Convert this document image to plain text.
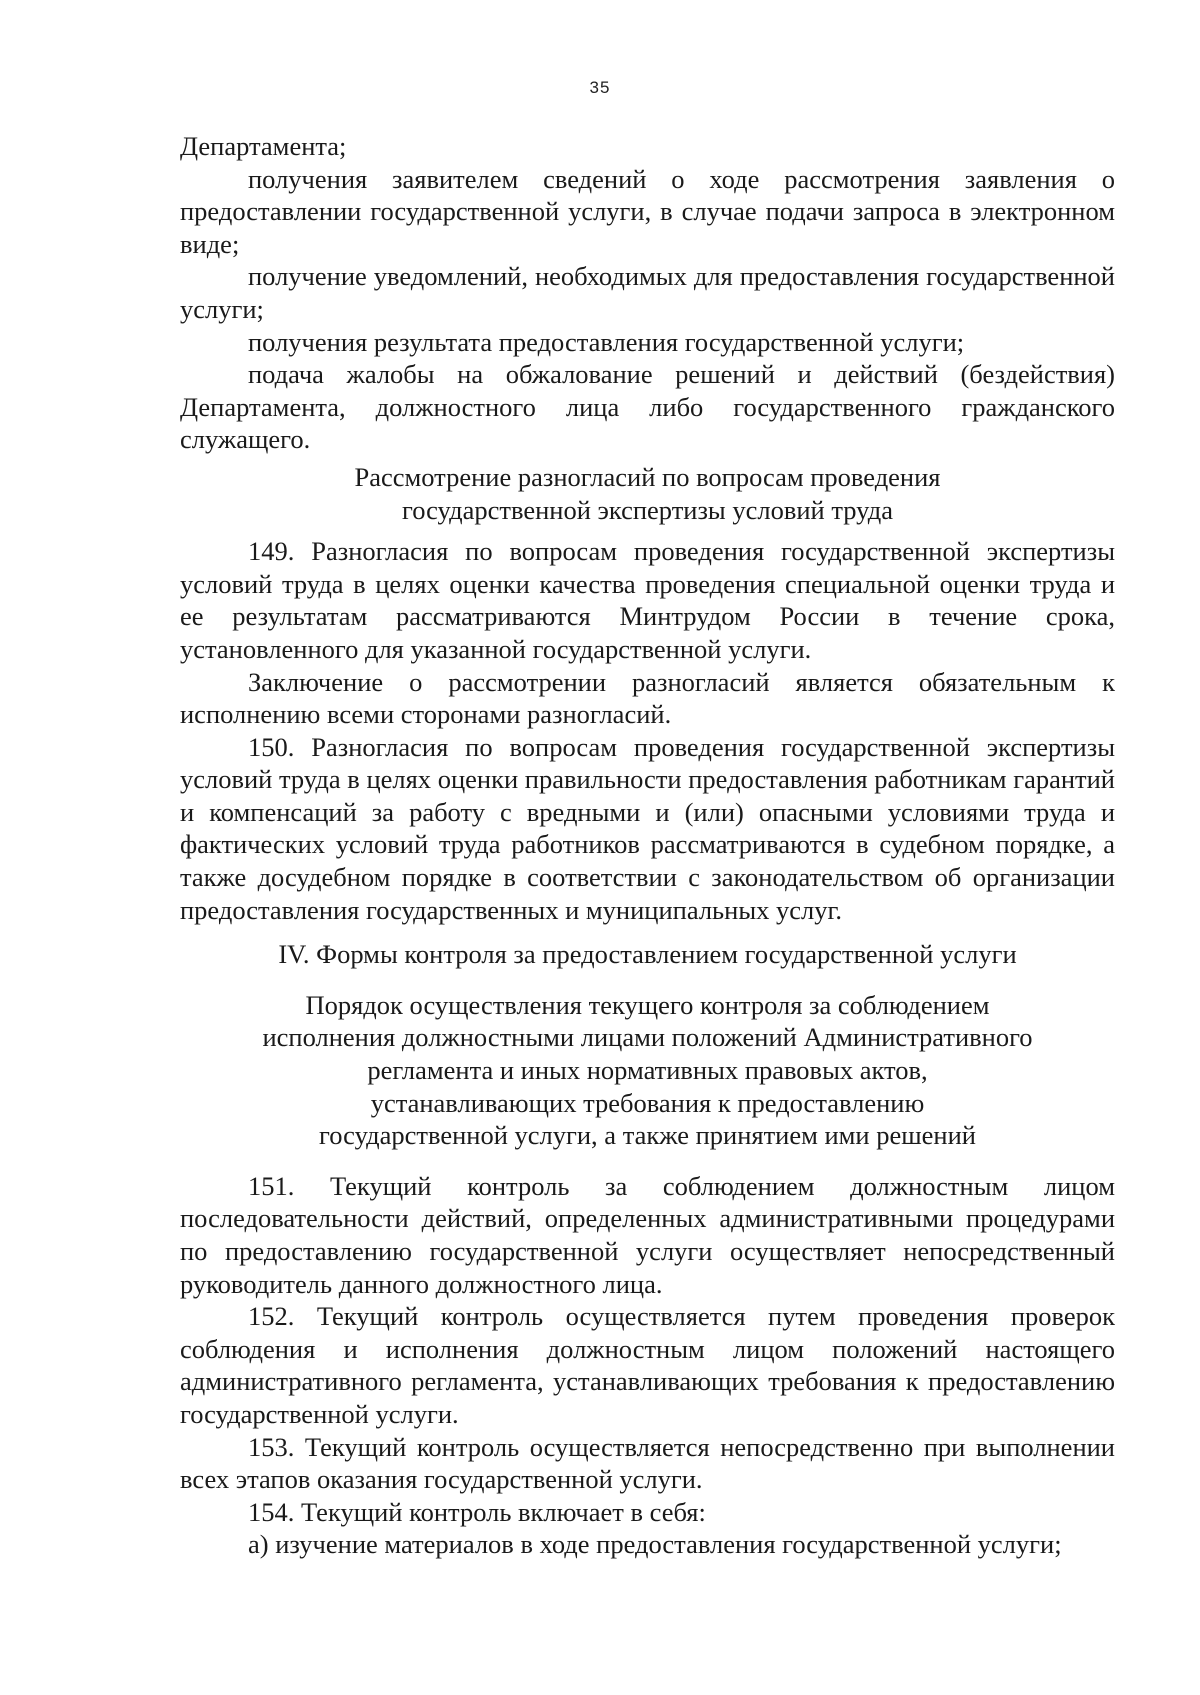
35

Департамента;

получения заявителем сведений о ходе рассмотрения заявления о предоставлении государственной услуги, в случае подачи запроса в электронном виде;

получение уведомлений, необходимых для предоставления государственной услуги;

получения результата предоставления государственной услуги;

подача жалобы на обжалование решений и действий (бездействия) Департамента, должностного лица либо государственного гражданского служащего.

Рассмотрение разногласий по вопросам проведения
государственной экспертизы условий труда

149. Разногласия по вопросам проведения государственной экспертизы условий труда в целях оценки качества проведения специальной оценки труда и ее результатам рассматриваются Минтрудом России в течение срока, установленного для указанной государственной услуги.

Заключение о рассмотрении разногласий является обязательным к исполнению всеми сторонами разногласий.

150. Разногласия по вопросам проведения государственной экспертизы условий труда в целях оценки правильности предоставления работникам гарантий и компенсаций за работу с вредными и (или) опасными условиями труда и фактических условий труда работников рассматриваются в судебном порядке, а также досудебном порядке в соответствии с законодательством об организации предоставления государственных и муниципальных услуг.

IV. Формы контроля за предоставлением государственной услуги
Порядок осуществления текущего контроля за соблюдением
исполнения должностными лицами положений Административного
регламента и иных нормативных правовых актов,
устанавливающих требования к предоставлению
государственной услуги, а также принятием ими решений

151. Текущий контроль за соблюдением должностным лицом последовательности действий, определенных административными процедурами по предоставлению государственной услуги осуществляет непосредственный руководитель данного должностного лица.

152. Текущий контроль осуществляется путем проведения проверок соблюдения и исполнения должностным лицом положений настоящего административного регламента, устанавливающих требования к предоставлению государственной услуги.

153. Текущий контроль осуществляется непосредственно при выполнении всех этапов оказания государственной услуги.

154. Текущий контроль включает в себя:

а) изучение материалов в ходе предоставления государственной услуги;
